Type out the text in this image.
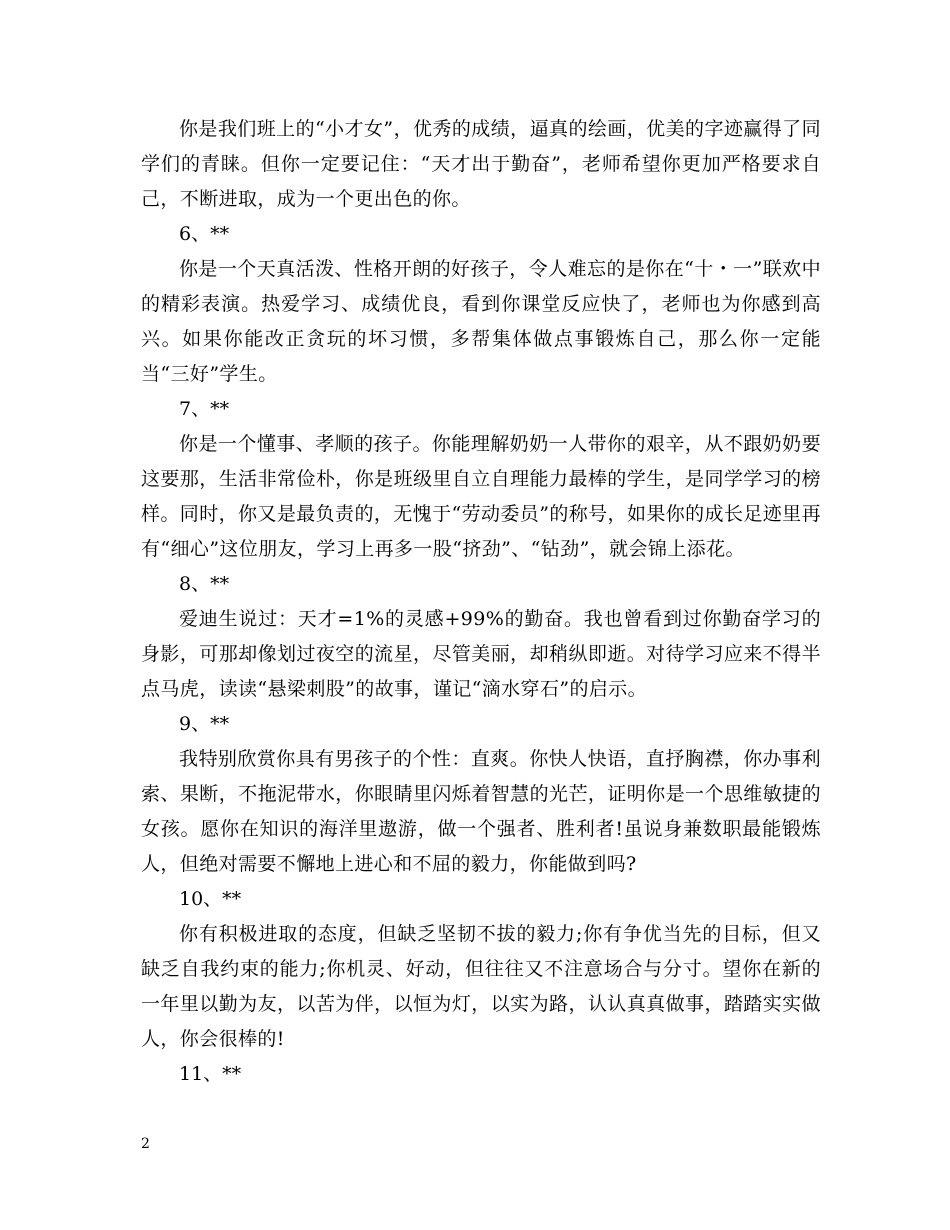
你是我们班上的“小才女”，优秀的成绩，逼真的绘画，优美的字迹赢得了同学们的青睐。但你一定要记住：“天才出于勤奋”，老师希望你更加严格要求自己，不断进取，成为一个更出色的你。

6、**

你是一个天真活泼、性格开朗的好孩子，令人难忘的是你在“十・一”联欢中的精彩表演。热爱学习、成绩优良，看到你课堂反应快了，老师也为你感到高兴。如果你能改正贪玩的坏习惯，多帮集体做点事锻炼自己，那么你一定能当“三好”学生。

7、**

你是一个懂事、孝顺的孩子。你能理解奶奶一人带你的艰辛，从不跟奶奶要这要那，生活非常俭朴，你是班级里自立自理能力最棒的学生，是同学学习的榜样。同时，你又是最负责的，无愧于“劳动委员”的称号，如果你的成长足迹里再有“细心”这位朋友，学习上再多一股“挤劲”、“钻劲”，就会锦上添花。

8、**

爱迪生说过：天才=1%的灵感+99%的勤奋。我也曾看到过你勤奋学习的身影，可那却像划过夜空的流星，尽管美丽，却稍纵即逝。对待学习应来不得半点马虎，读读“悬梁刺股”的故事，谨记“滴水穿石”的启示。

9、**

我特别欣赏你具有男孩子的个性：直爽。你快人快语，直抒胸襟，你办事利索、果断，不拖泥带水，你眼睛里闪烁着智慧的光芒，证明你是一个思维敏捷的女孩。愿你在知识的海洋里遨游，做一个强者、胜利者!虽说身兼数职最能锻炼人，但绝对需要不懈地上进心和不屈的毅力，你能做到吗?

10、**

你有积极进取的态度，但缺乏坚韧不拔的毅力;你有争优当先的目标，但又缺乏自我约束的能力;你机灵、好动，但往往又不注意场合与分寸。望你在新的一年里以勤为友，以苦为伴，以恒为灯，以实为路，认认真真做事，踏踏实实做人，你会很棒的!

11、**

2
